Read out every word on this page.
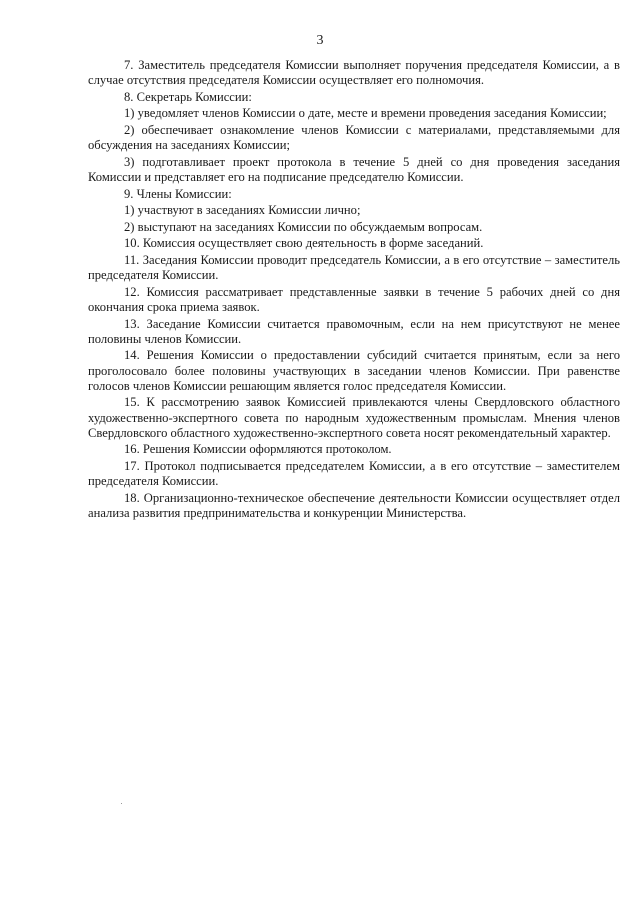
3

7. Заместитель председателя Комиссии выполняет поручения председателя Комиссии, а в случае отсутствия председателя Комиссии осуществляет его полномочия.

8. Секретарь Комиссии:

1) уведомляет членов Комиссии о дате, месте и времени проведения заседания Комиссии;

2) обеспечивает ознакомление членов Комиссии с материалами, представляемыми для обсуждения на заседаниях Комиссии;

3) подготавливает проект протокола в течение 5 дней со дня проведения заседания Комиссии и представляет его на подписание председателю Комиссии.

9. Члены Комиссии:

1) участвуют в заседаниях Комиссии лично;

2) выступают на заседаниях Комиссии по обсуждаемым вопросам.

10. Комиссия осуществляет свою деятельность в форме заседаний.

11. Заседания Комиссии проводит председатель Комиссии, а в его отсутствие – заместитель председателя Комиссии.

12. Комиссия рассматривает представленные заявки в течение 5 рабочих дней со дня окончания срока приема заявок.

13. Заседание Комиссии считается правомочным, если на нем присутствуют не менее половины членов Комиссии.

14. Решения Комиссии о предоставлении субсидий считается принятым, если за него проголосовало более половины участвующих в заседании членов Комиссии. При равенстве голосов членов Комиссии решающим является голос председателя Комиссии.

15. К рассмотрению заявок Комиссией привлекаются члены Свердловского областного художественно-экспертного совета по народным художественным промыслам. Мнения членов Свердловского областного художественно-экспертного совета носят рекомендательный характер.

16. Решения Комиссии оформляются протоколом.

17. Протокол подписывается председателем Комиссии, а в его отсутствие – заместителем председателя Комиссии.

18. Организационно-техническое обеспечение деятельности Комиссии осуществляет отдел анализа развития предпринимательства и конкуренции Министерства.
